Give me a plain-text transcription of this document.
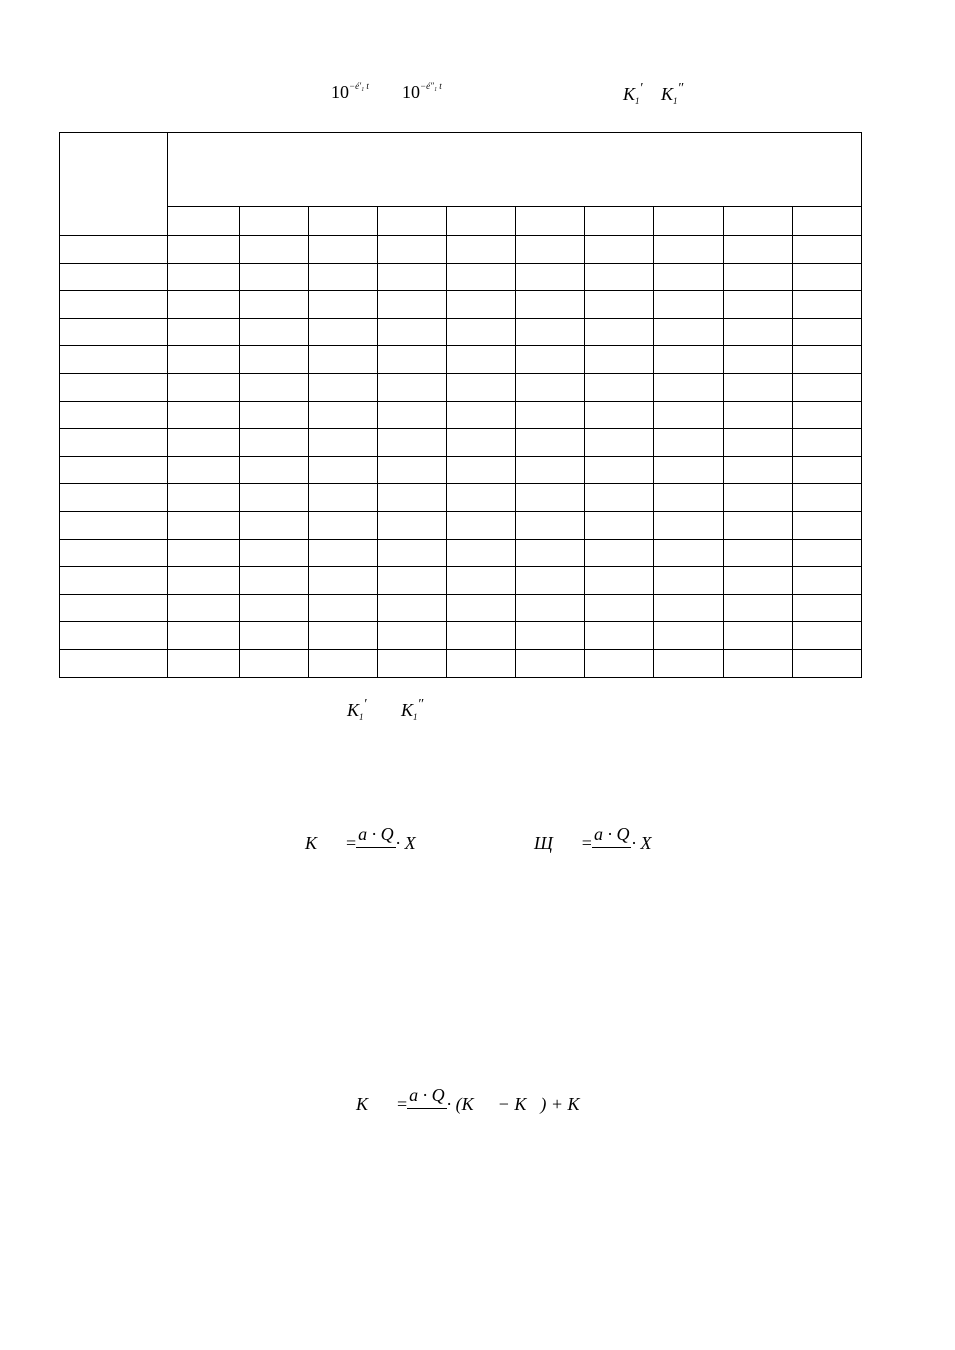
$10^{-é'_1 t}$ $10^{-é''_1 t}$	$K_1'$ $K_1''$

$K_1'$ $K_1''$
K = a · Q · X	Щ = a · Q · X
K = a · Q · (K − K ) + K
